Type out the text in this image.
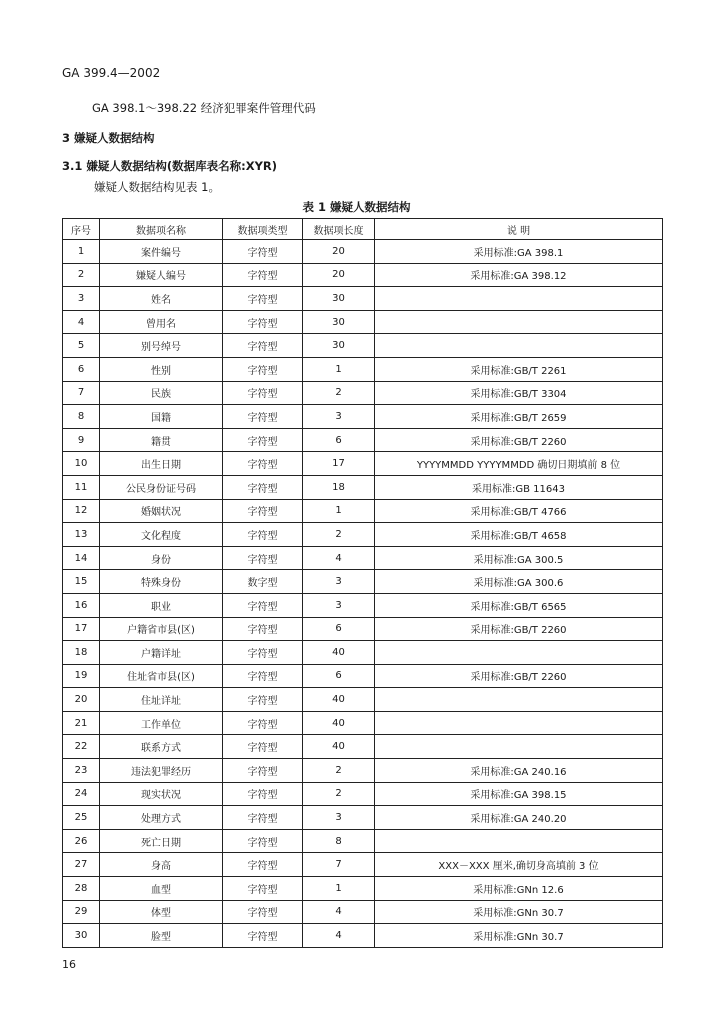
GA 399.4—2002
GA 398.1～398.22 经济犯罪案件管理代码
3 嫌疑人数据结构
3.1 嫌疑人数据结构(数据库表名称:XYR)
嫌疑人数据结构见表 1。
表 1 嫌疑人数据结构
序号	数据项名称	数据项类型	数据项长度	说 明
1	案件编号	字符型	20	采用标准:GA 398.1
2	嫌疑人编号	字符型	20	采用标准:GA 398.12
3	姓名	字符型	30	
4	曾用名	字符型	30	
5	别号绰号	字符型	30	
6	性别	字符型	1	采用标准:GB/T 2261
7	民族	字符型	2	采用标准:GB/T 3304
8	国籍	字符型	3	采用标准:GB/T 2659
9	籍贯	字符型	6	采用标准:GB/T 2260
10	出生日期	字符型	17	YYYYMMDD YYYYMMDD 确切日期填前 8 位
11	公民身份证号码	字符型	18	采用标准:GB 11643
12	婚姻状况	字符型	1	采用标准:GB/T 4766
13	文化程度	字符型	2	采用标准:GB/T 4658
14	身份	字符型	4	采用标准:GA 300.5
15	特殊身份	数字型	3	采用标准:GA 300.6
16	职业	字符型	3	采用标准:GB/T 6565
17	户籍省市县(区)	字符型	6	采用标准:GB/T 2260
18	户籍详址	字符型	40	
19	住址省市县(区)	字符型	6	采用标准:GB/T 2260
20	住址详址	字符型	40	
21	工作单位	字符型	40	
22	联系方式	字符型	40	
23	违法犯罪经历	字符型	2	采用标准:GA 240.16
24	现实状况	字符型	2	采用标准:GA 398.15
25	处理方式	字符型	3	采用标准:GA 240.20
26	死亡日期	字符型	8	
27	身高	字符型	7	XXX－XXX 厘米,确切身高填前 3 位
28	血型	字符型	1	采用标准:GNn 12.6
29	体型	字符型	4	采用标准:GNn 30.7
30	脸型	字符型	4	采用标准:GNn 30.7
16
